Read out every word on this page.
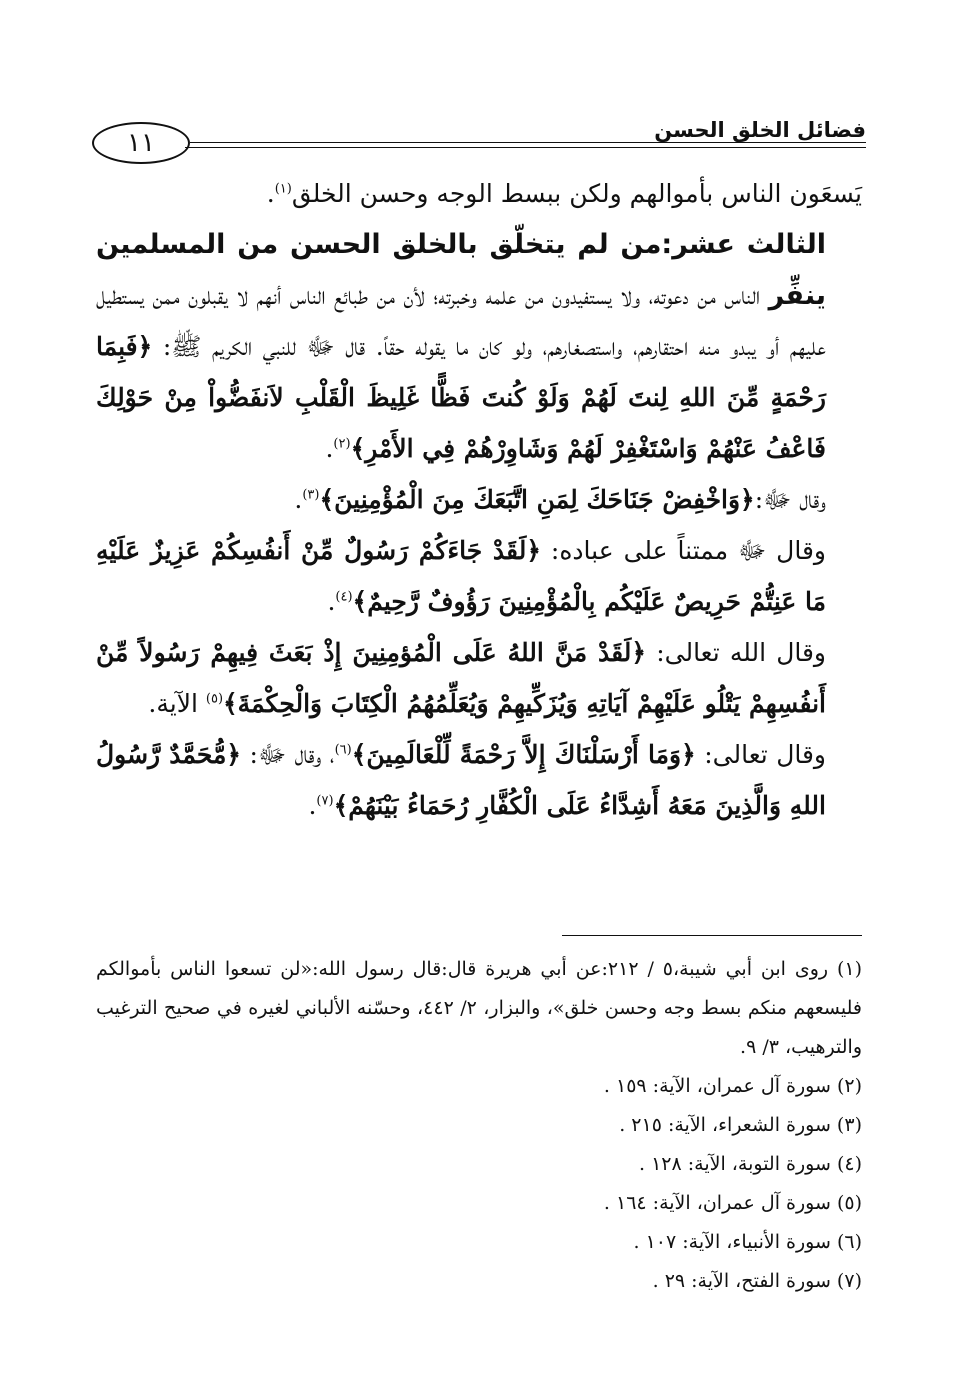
فضائل الخلق الحسن
١١

يَسعَون الناس بأموالهم ولكن ببسط الوجه وحسن الخلق$^{(١)}$.

الثالث عشر:من لم يتخلّق بالخلق الحسن من المسلمين ينفِّر الناس من دعوته، ولا يستفيدون من علمه وخبرته؛ لأن من طبائع الناس أنهم لا يقبلون ممن يستطيل عليهم أو يبدو منه احتقارهم، واستصغارهم، ولو كان ما يقوله حقاً. قال ﷻ للنبي الكريم ﷺ: ﴿فَبِمَا رَحْمَةٍ مِّنَ اللهِ لِنتَ لَهُمْ وَلَوْ كُنتَ فَظًّا غَلِيظَ الْقَلْبِ لاَنفَضُّواْ مِنْ حَوْلِكَ فَاعْفُ عَنْهُمْ وَاسْتَغْفِرْ لَهُمْ وَشَاوِرْهُمْ فِي الأَمْرِ﴾$^{(٢)}$.

وقال ﷻ:﴿وَاخْفِضْ جَنَاحَكَ لِمَنِ اتَّبَعَكَ مِنَ الْمُؤْمِنِينَ﴾$^{(٣)}$.

وقال ﷻ ممتناً على عباده: ﴿لَقَدْ جَاءَكُمْ رَسُولٌ مِّنْ أَنفُسِكُمْ عَزِيزٌ عَلَيْهِ مَا عَنِتُّمْ حَرِيصٌ عَلَيْكُم بِالْمُؤْمِنِينَ رَؤُوفٌ رَّحِيمٌ﴾$^{(٤)}$.

وقال الله تعالى: ﴿لَقَدْ مَنَّ اللهُ عَلَى الْمُؤمِنِينَ إِذْ بَعَثَ فِيهِمْ رَسُولاً مِّنْ أَنفُسِهِمْ يَتْلُو عَلَيْهِمْ آيَاتِهِ وَيُزَكِّيهِمْ وَيُعَلِّمُهُمُ الْكِتَابَ وَالْحِكْمَةَ﴾$^{(٥)}$ الآية.

وقال تعالى: ﴿وَمَا أَرْسَلْنَاكَ إِلاَّ رَحْمَةً لِّلْعَالَمِينَ﴾$^{(٦)}$، وقال ﷻ: ﴿مُّحَمَّدٌ رَّسُولُ اللهِ وَالَّذِينَ مَعَهُ أَشِدَّاءُ عَلَى الْكُفَّارِ رُحَمَاءُ بَيْنَهُمْ﴾$^{(٧)}$.

(١) روى ابن أبي شيبة،٥ / ٢١٢:عن أبي هريرة قال:قال رسول الله:«لن تسعوا الناس بأموالكم فليسعهم منكم بسط وجه وحسن خلق»، والبزار، ٢/ ٤٤٢، وحسّنه الألباني لغيره في صحيح الترغيب والترهيب، ٣/ ٩.

(٢) سورة آل عمران، الآية: ١٥٩ .

(٣) سورة الشعراء، الآية: ٢١٥ .

(٤) سورة التوبة، الآية: ١٢٨ .

(٥) سورة آل عمران، الآية: ١٦٤ .

(٦) سورة الأنبياء، الآية: ١٠٧ .

(٧) سورة الفتح، الآية: ٢٩ .
